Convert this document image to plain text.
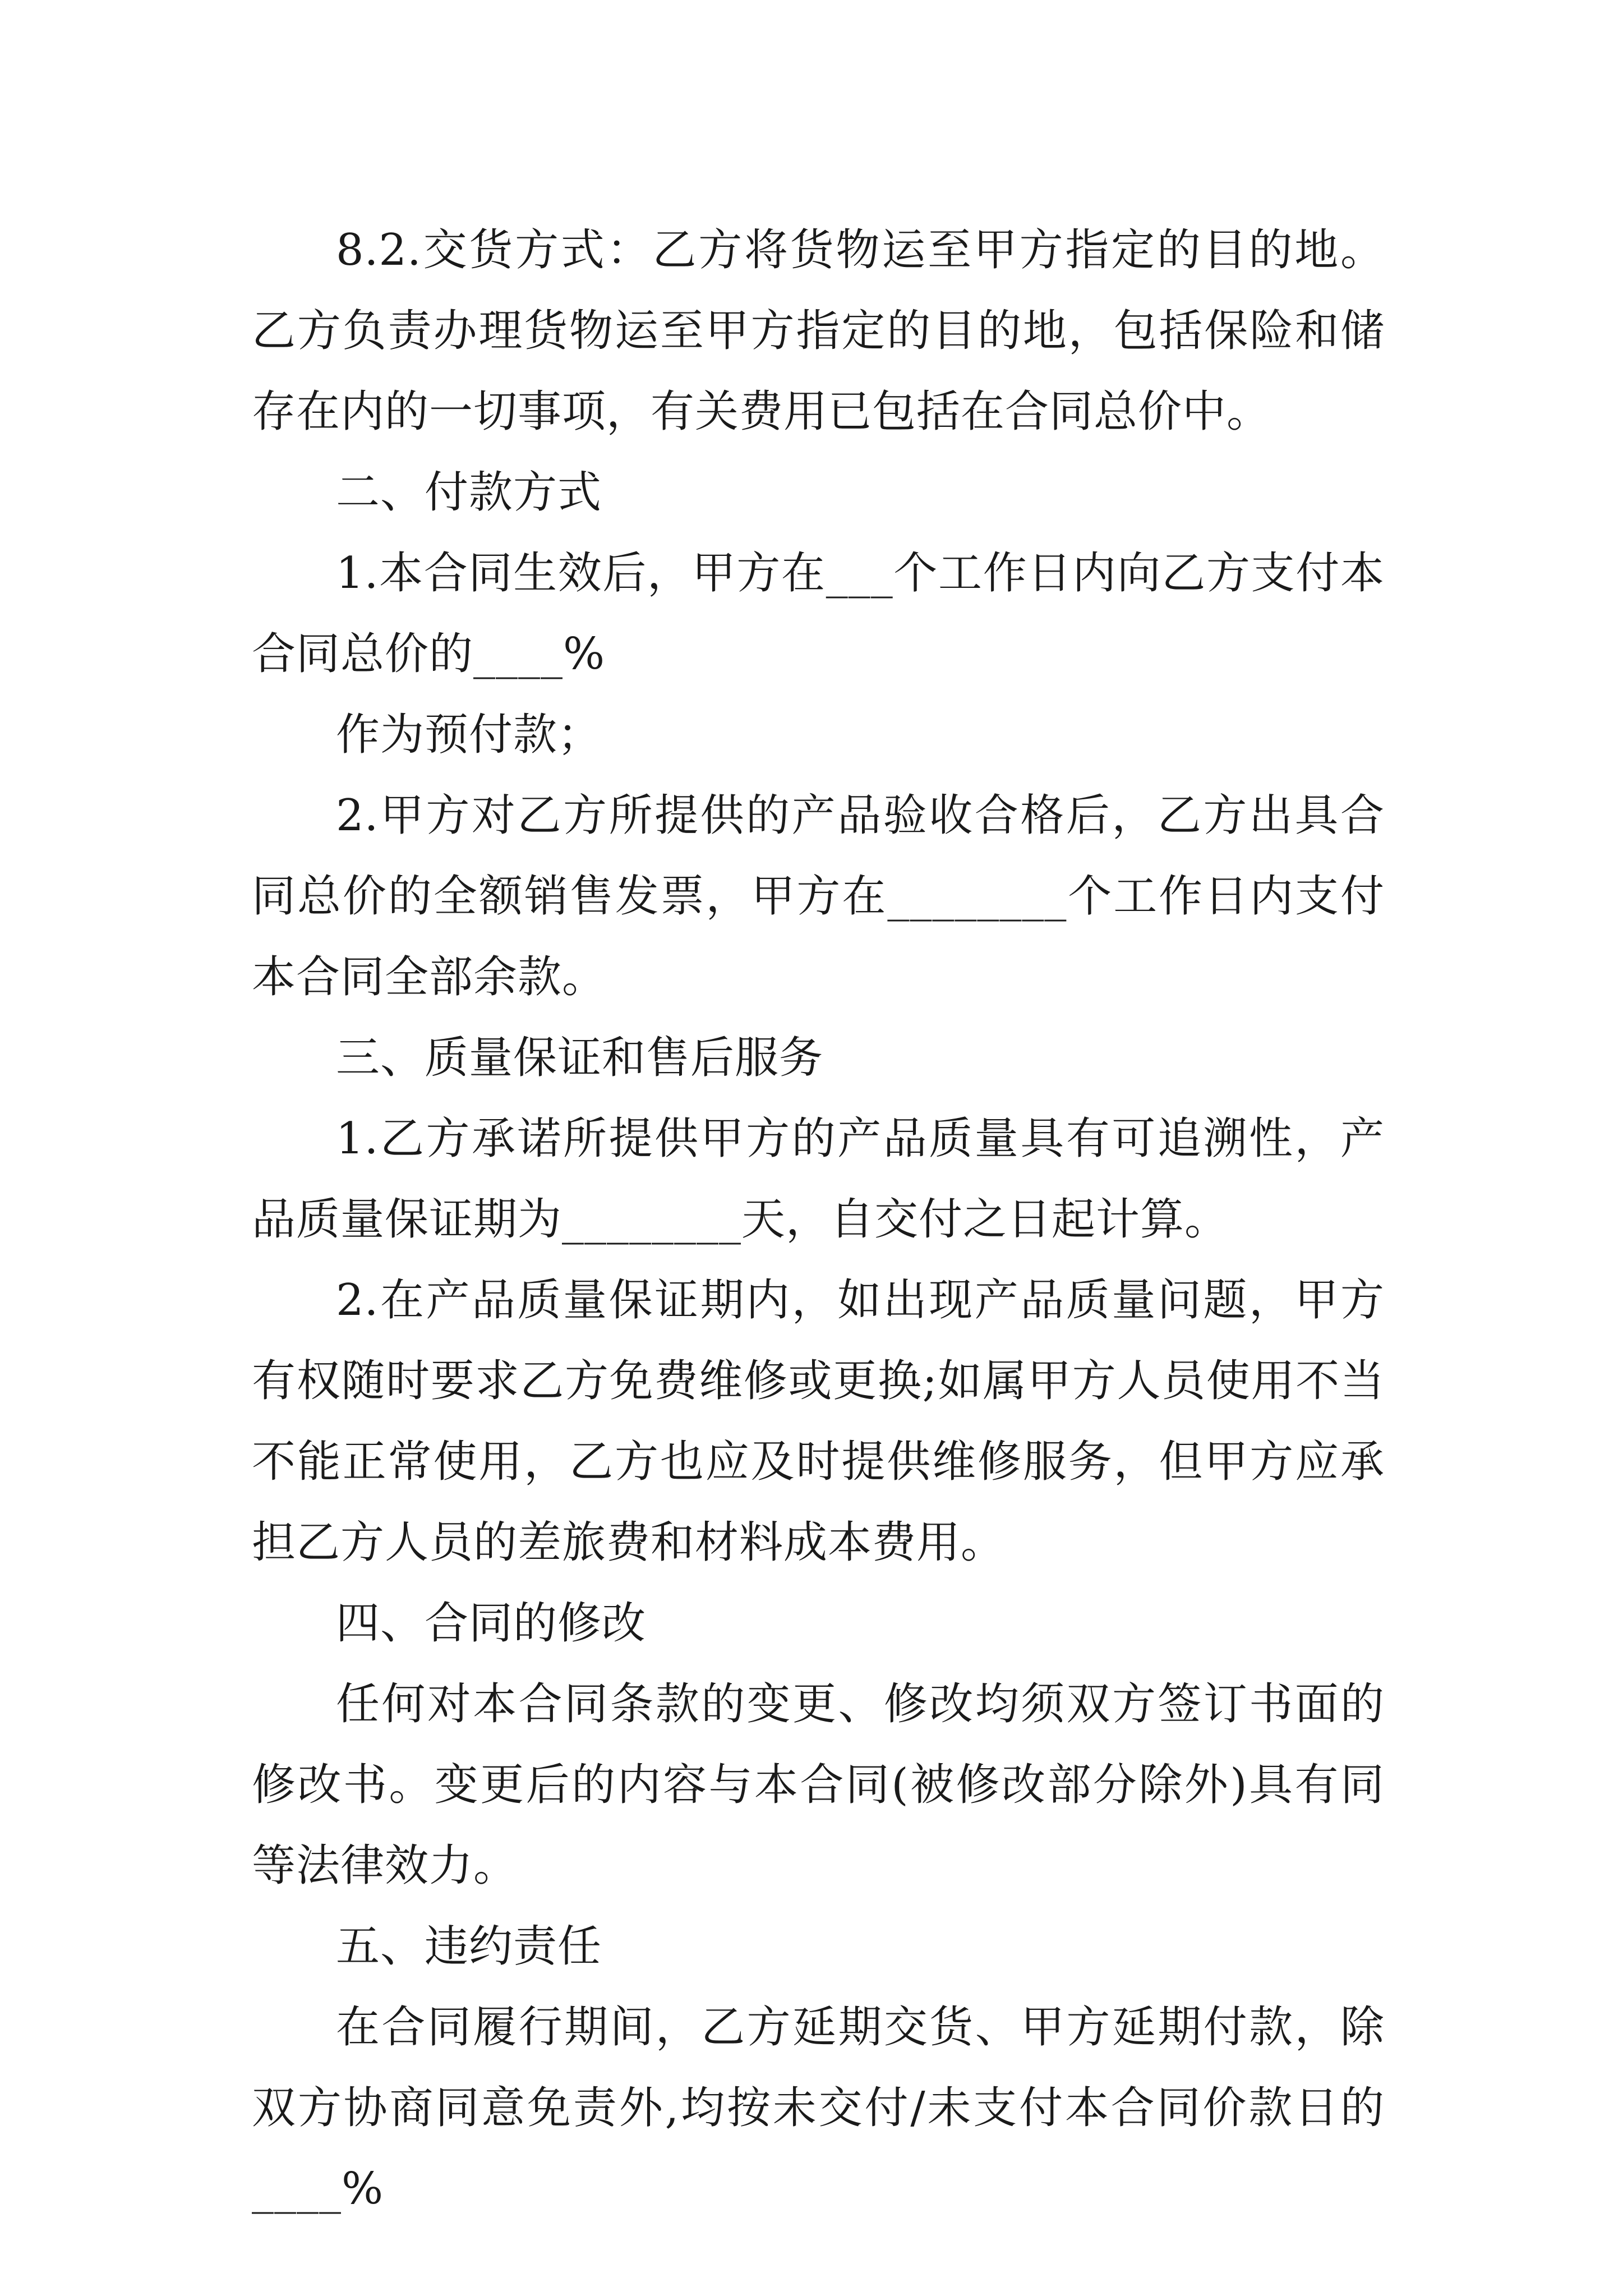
8.2.交货方式：乙方将货物运至甲方指定的目的地。乙方负责办理货物运至甲方指定的目的地，包括保险和储存在内的一切事项，有关费用已包括在合同总价中。

二、付款方式

1.本合同生效后，甲方在___个工作日内向乙方支付本合同总价的____%

作为预付款；

2.甲方对乙方所提供的产品验收合格后，乙方出具合同总价的全额销售发票，甲方在________个工作日内支付本合同全部余款。

三、质量保证和售后服务

1.乙方承诺所提供甲方的产品质量具有可追溯性，产品质量保证期为________天，自交付之日起计算。

2.在产品质量保证期内，如出现产品质量问题，甲方有权随时要求乙方免费维修或更换;如属甲方人员使用不当不能正常使用，乙方也应及时提供维修服务，但甲方应承担乙方人员的差旅费和材料成本费用。

四、合同的修改

任何对本合同条款的变更、修改均须双方签订书面的修改书。变更后的内容与本合同(被修改部分除外)具有同等法律效力。

五、违约责任

在合同履行期间，乙方延期交货、甲方延期付款，除双方协商同意免责外,均按未交付/未支付本合同价款日的____%
